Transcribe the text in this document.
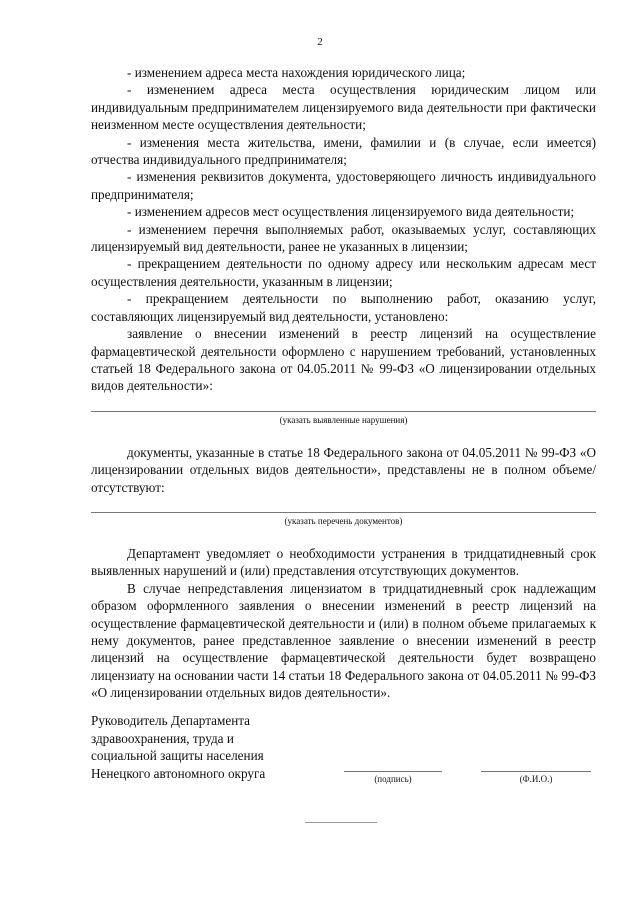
2

- изменением адреса места нахождения юридического лица;

- изменением адреса места осуществления юридическим лицом или индивидуальным предпринимателем лицензируемого вида деятельности при фактически неизменном месте осуществления деятельности;

- изменения места жительства, имени, фамилии и (в случае, если имеется) отчества индивидуального предпринимателя;

- изменения реквизитов документа, удостоверяющего личность индивидуального предпринимателя;

- изменением адресов мест осуществления лицензируемого вида деятельности;

- изменением перечня выполняемых работ, оказываемых услуг, составляющих лицензируемый вид деятельности, ранее не указанных в лицензии;

- прекращением деятельности по одному адресу или нескольким адресам мест осуществления деятельности, указанным в лицензии;

- прекращением деятельности по выполнению работ, оказанию услуг, составляющих лицензируемый вид деятельности, установлено:

заявление о внесении изменений в реестр лицензий на осуществление фармацевтической деятельности оформлено с нарушением требований, установленных статьей 18 Федерального закона от 04.05.2011 № 99-ФЗ «О лицензировании отдельных видов деятельности»:

(указать выявленные нарушения)

документы, указанные в статье 18 Федерального закона от 04.05.2011 № 99-ФЗ «О лицензировании отдельных видов деятельности», представлены не в полном объеме/отсутствуют:

(указать перечень документов)

Департамент уведомляет о необходимости устранения в тридцатидневный срок выявленных нарушений и (или) представления отсутствующих документов.

В случае непредставления лицензиатом в тридцатидневный срок надлежащим образом оформленного заявления о внесении изменений в реестр лицензий на осуществление фармацевтической деятельности и (или) в полном объеме прилагаемых к нему документов, ранее представленное заявление о внесении изменений в реестр лицензий на осуществление фармацевтической деятельности будет возвращено лицензиату на основании части 14 статьи 18 Федерального закона от 04.05.2011 № 99-ФЗ «О лицензировании отдельных видов деятельности».

Руководитель Департамента
здравоохранения, труда и
социальной защиты населения
Ненецкого автономного округа	(подпись)	(Ф.И.О.)
